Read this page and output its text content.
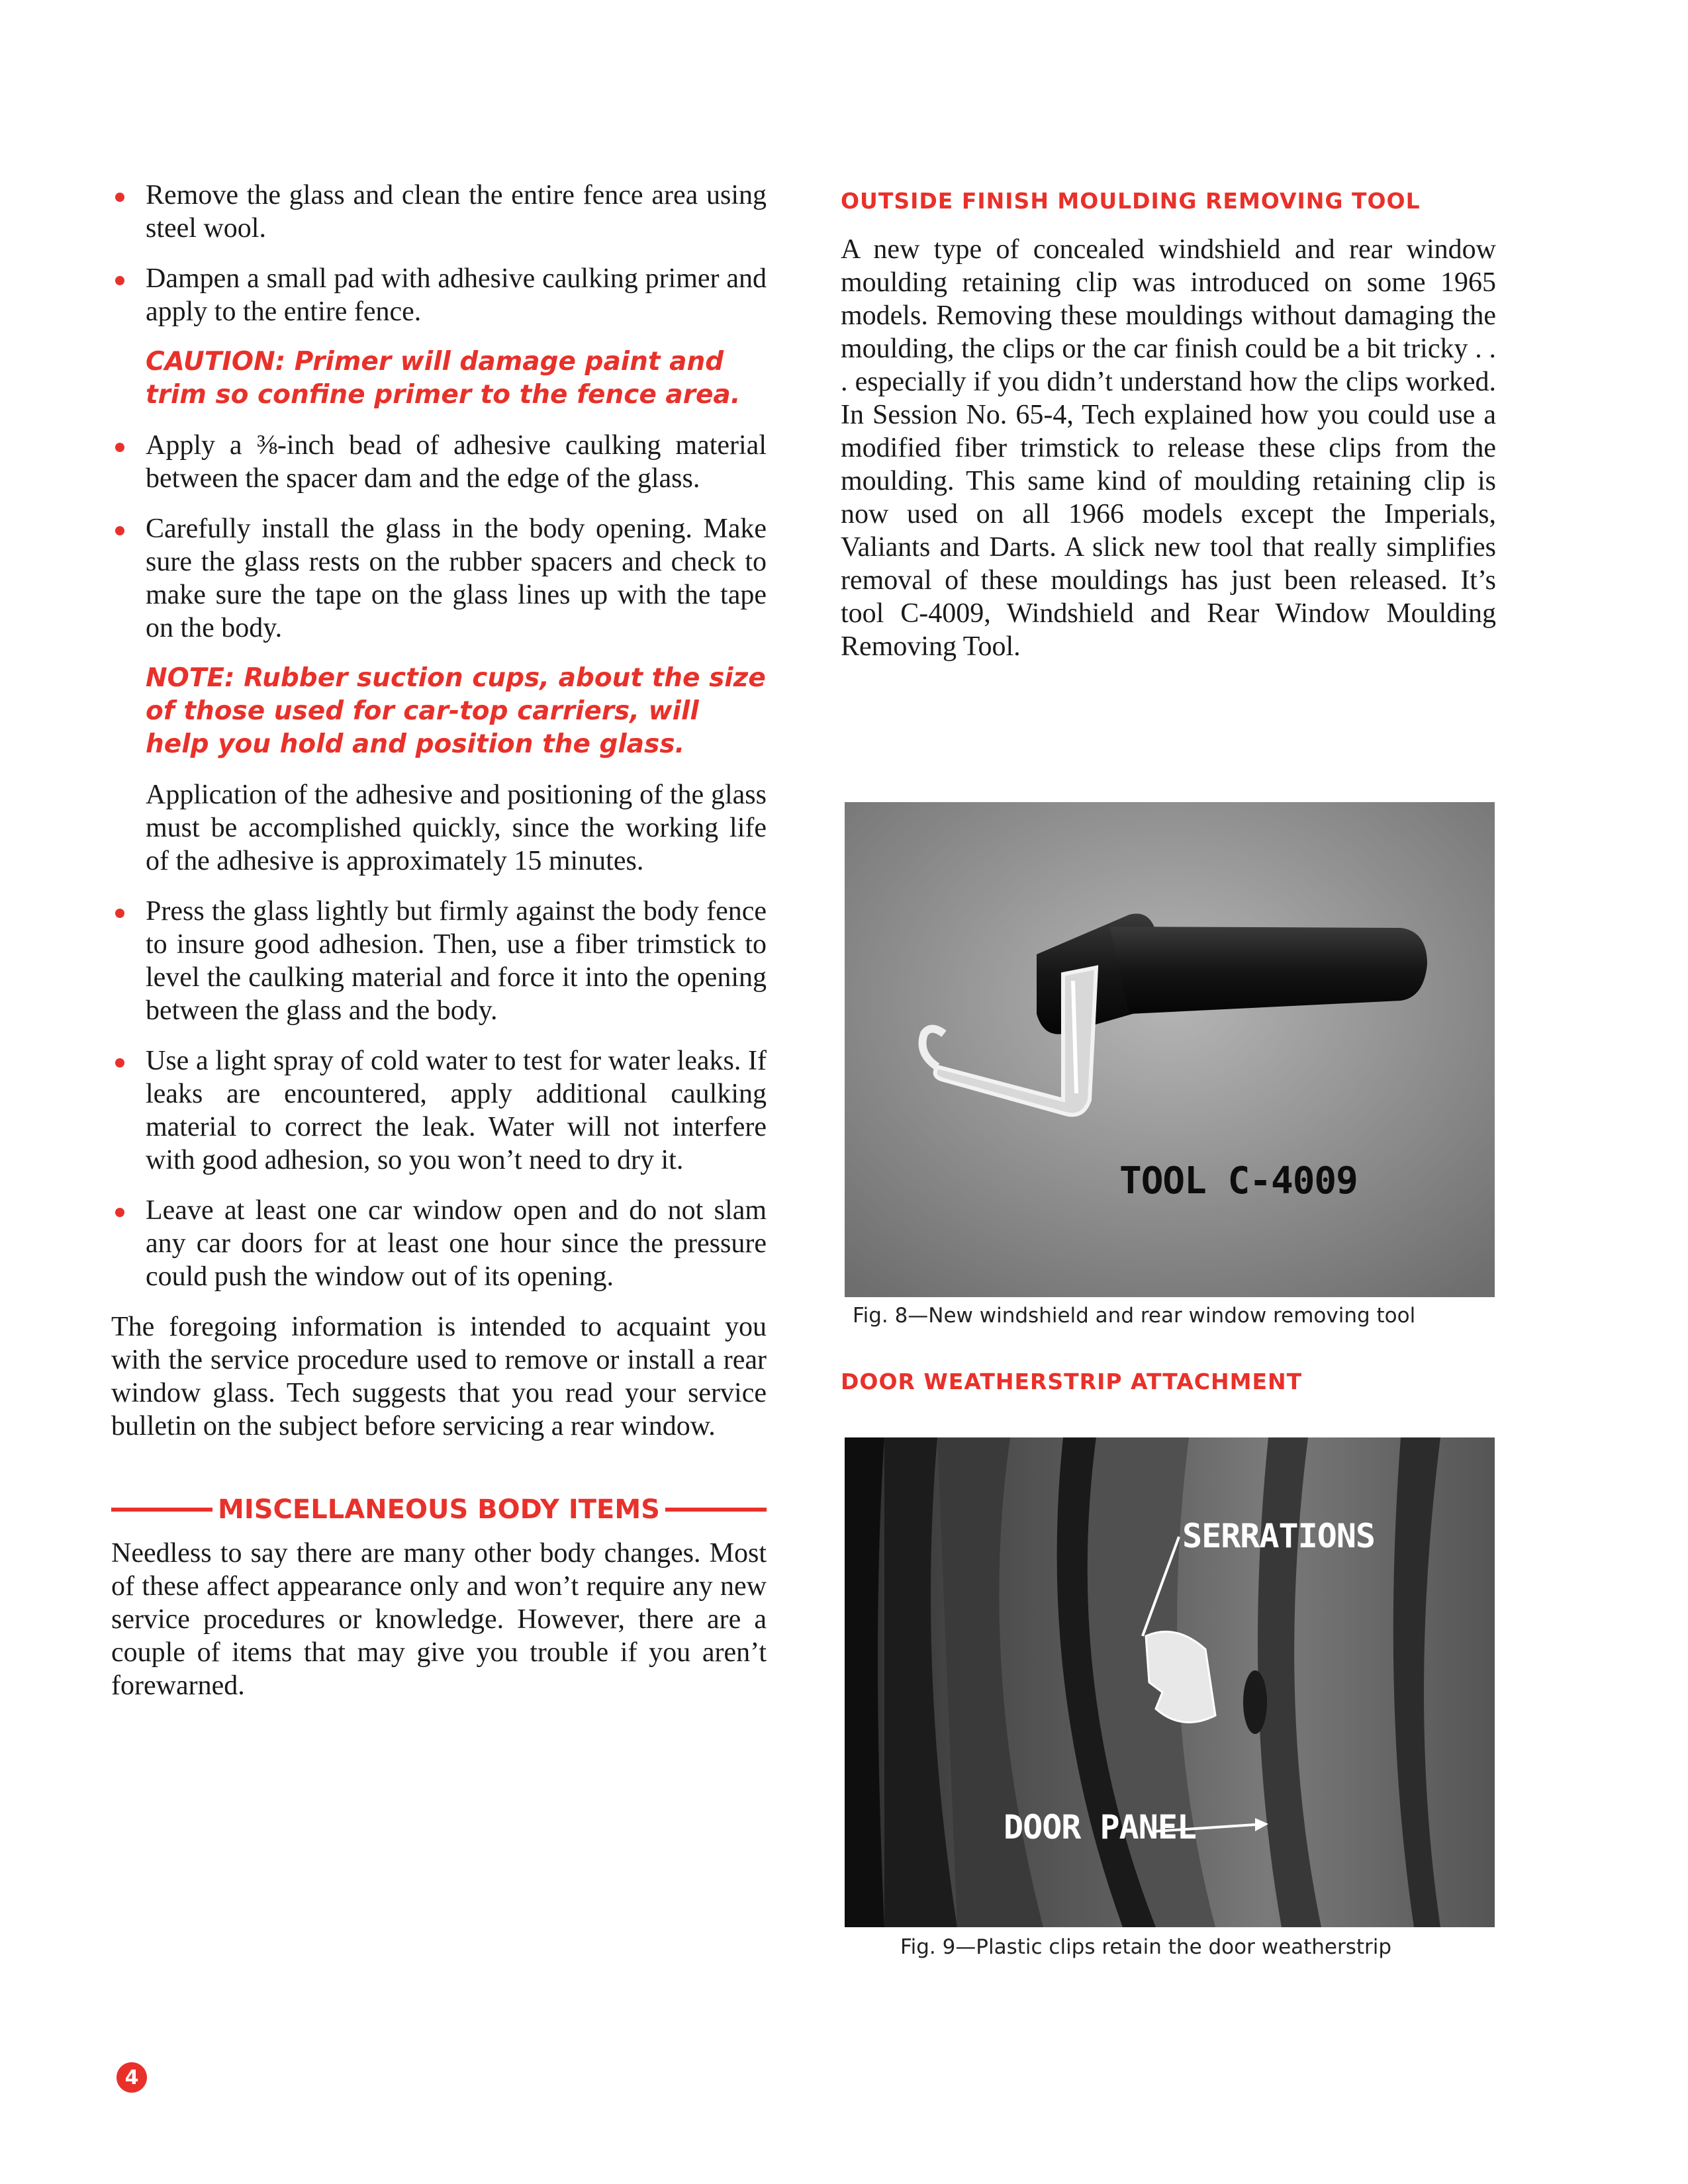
Remove the glass and clean the entire fence area using steel wool.

Dampen a small pad with adhesive caulking primer and apply to the entire fence.

CAUTION: Primer will damage paint and trim so confine primer to the fence area.

Apply a ⅜-inch bead of adhesive caulking material between the spacer dam and the edge of the glass.

Carefully install the glass in the body opening. Make sure the glass rests on the rubber spacers and check to make sure the tape on the glass lines up with the tape on the body.

NOTE: Rubber suction cups, about the size of those used for car-top carriers, will help you hold and position the glass.

Application of the adhesive and positioning of the glass must be accomplished quickly, since the working life of the adhesive is approximately 15 minutes.

Press the glass lightly but firmly against the body fence to insure good adhesion. Then, use a fiber trimstick to level the caulking material and force it into the opening between the glass and the body.

Use a light spray of cold water to test for water leaks. If leaks are encountered, apply additional caulking material to correct the leak. Water will not interfere with good adhesion, so you won’t need to dry it.

Leave at least one car window open and do not slam any car doors for at least one hour since the pressure could push the window out of its opening.

The foregoing information is intended to acquaint you with the service procedure used to remove or install a rear window glass. Tech suggests that you read your service bulletin on the subject before servicing a rear window.

MISCELLANEOUS BODY ITEMS

Needless to say there are many other body changes. Most of these affect appearance only and won’t require any new service procedures or knowledge. However, there are a couple of items that may give you trouble if you aren’t forewarned.

OUTSIDE FINISH MOULDING REMOVING TOOL

A new type of concealed windshield and rear window moulding retaining clip was introduced on some 1965 models. Removing these mouldings without damaging the moulding, the clips or the car finish could be a bit tricky . . . especially if you didn’t understand how the clips worked. In Session No. 65-4, Tech explained how you could use a modified fiber trimstick to release these clips from the moulding. This same kind of moulding retaining clip is now used on all 1966 models except the Imperials, Valiants and Darts. A slick new tool that really simplifies removal of these mouldings has just been released. It’s tool C-4009, Windshield and Rear Window Moulding Removing Tool.

TOOL C-4009
Fig. 8—New windshield and rear window removing tool
DOOR WEATHERSTRIP ATTACHMENT
SERRATIONS
DOOR PANEL
Fig. 9—Plastic clips retain the door weatherstrip
4
